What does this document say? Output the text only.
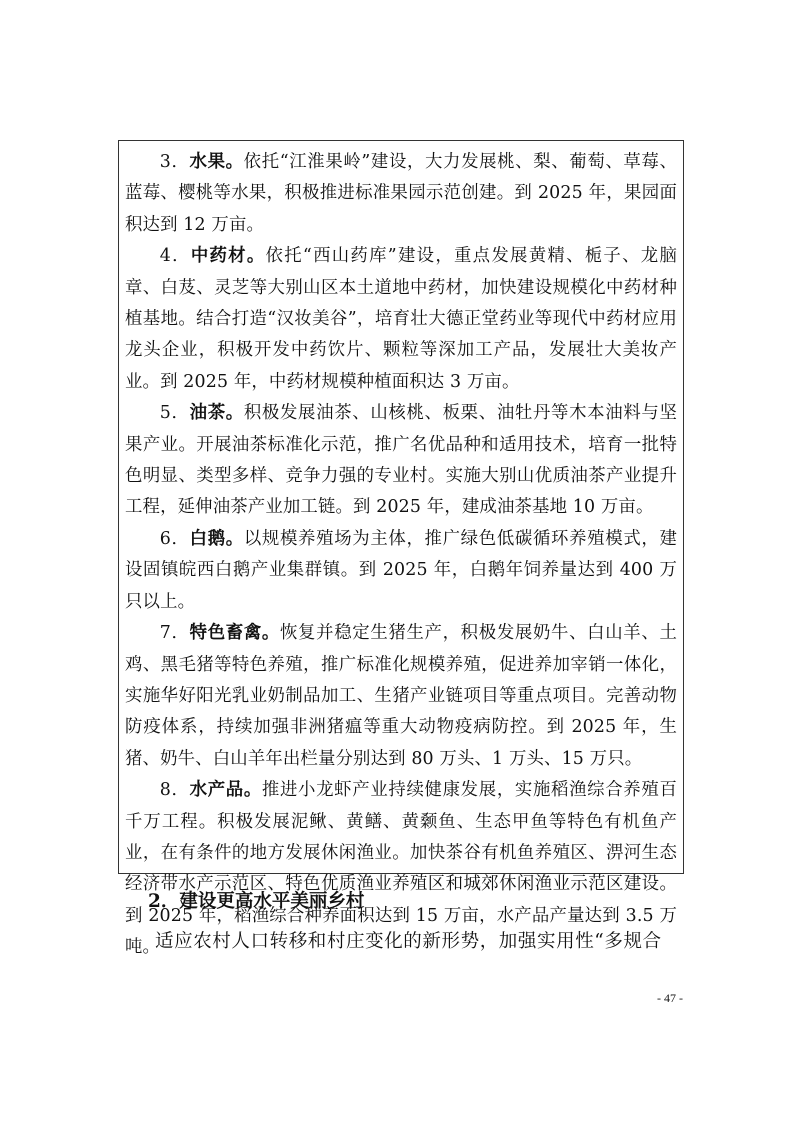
3．水果。依托“江淮果岭”建设，大力发展桃、梨、葡萄、草莓、蓝莓、樱桃等水果，积极推进标准果园示范创建。到 2025 年，果园面积达到 12 万亩。

4．中药材。依托“西山药库”建设，重点发展黄精、栀子、龙脑章、白芨、灵芝等大别山区本土道地中药材，加快建设规模化中药材种植基地。结合打造“汉妆美谷”，培育壮大德正堂药业等现代中药材应用龙头企业，积极开发中药饮片、颗粒等深加工产品，发展壮大美妆产业。到 2025 年，中药材规模种植面积达 3 万亩。

5．油茶。积极发展油茶、山核桃、板栗、油牡丹等木本油料与坚果产业。开展油茶标准化示范，推广名优品种和适用技术，培育一批特色明显、类型多样、竞争力强的专业村。实施大别山优质油茶产业提升工程，延伸油茶产业加工链。到 2025 年，建成油茶基地 10 万亩。

6．白鹅。以规模养殖场为主体，推广绿色低碳循环养殖模式，建设固镇皖西白鹅产业集群镇。到 2025 年，白鹅年饲养量达到 400 万只以上。

7．特色畜禽。恢复并稳定生猪生产，积极发展奶牛、白山羊、土鸡、黑毛猪等特色养殖，推广标准化规模养殖，促进养加宰销一体化，实施华好阳光乳业奶制品加工、生猪产业链项目等重点项目。完善动物防疫体系，持续加强非洲猪瘟等重大动物疫病防控。到 2025 年，生猪、奶牛、白山羊年出栏量分别达到 80 万头、1 万头、15 万只。

8．水产品。推进小龙虾产业持续健康发展，实施稻渔综合养殖百千万工程。积极发展泥鳅、黄鳝、黄颡鱼、生态甲鱼等特色有机鱼产业，在有条件的地方发展休闲渔业。加快茶谷有机鱼养殖区、淠河生态经济带水产示范区、特色优质渔业养殖区和城郊休闲渔业示范区建设。到 2025 年，稻渔综合种养面积达到 15 万亩，水产品产量达到 3.5 万吨。

2．建设更高水平美丽乡村

适应农村人口转移和村庄变化的新形势，加强实用性“多规合

- 47 -
